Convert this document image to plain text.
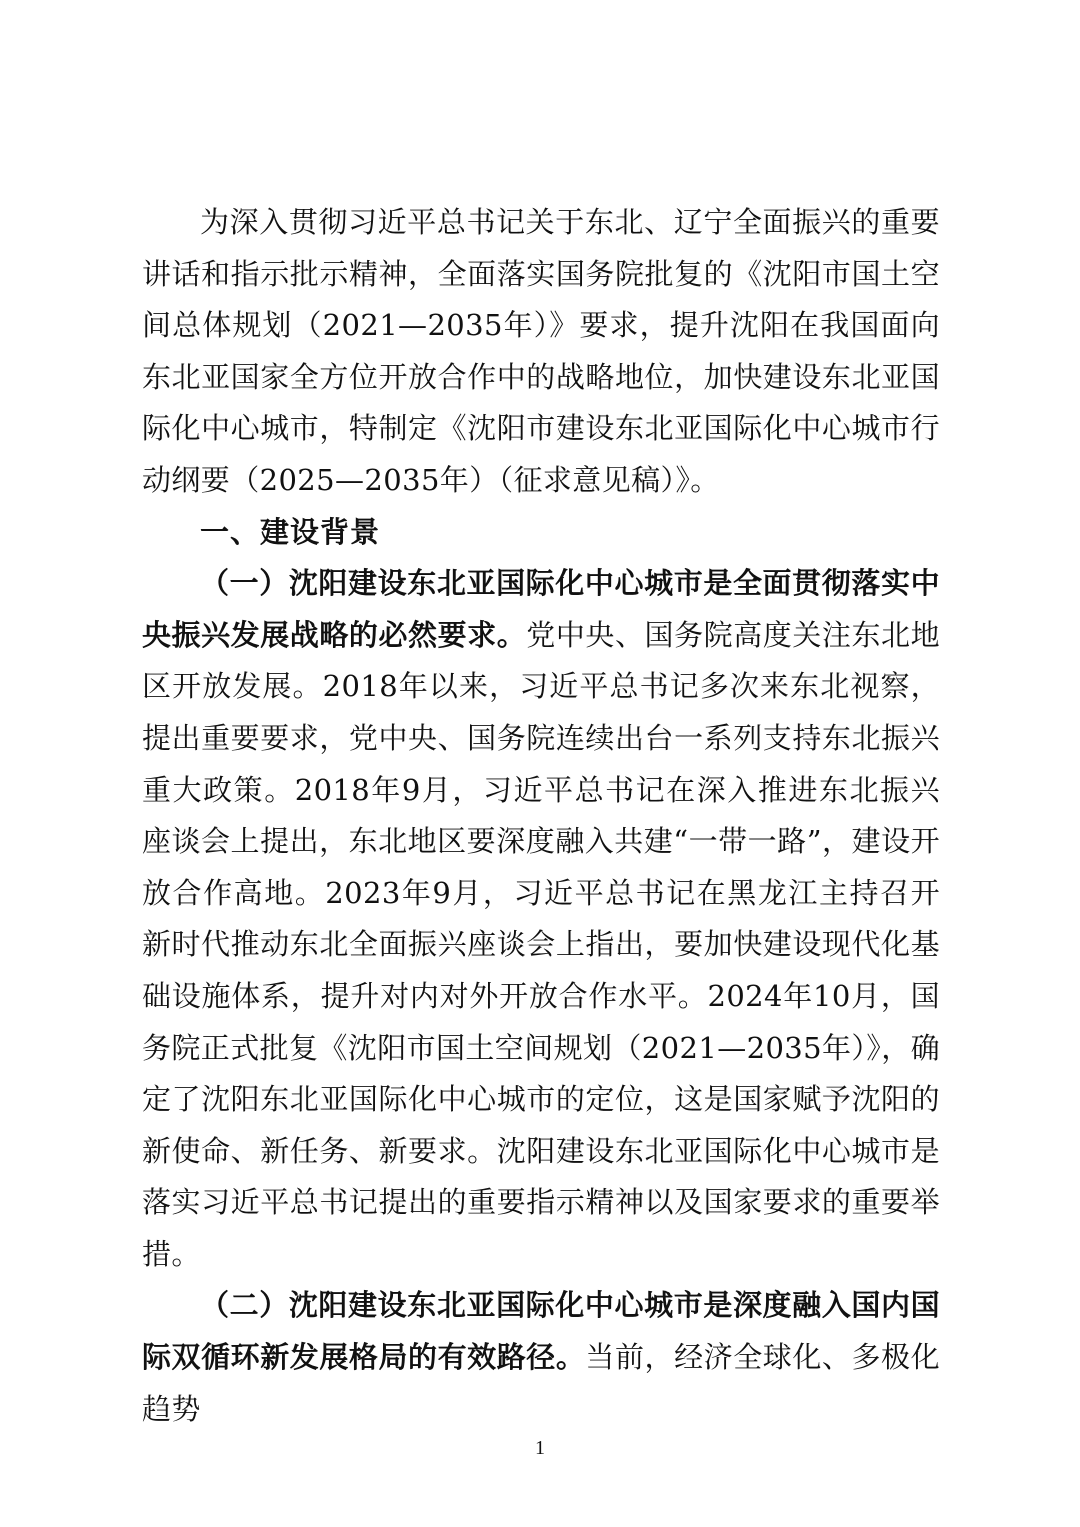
为深入贯彻习近平总书记关于东北、辽宁全面振兴的重要讲话和指示批示精神，全面落实国务院批复的《沈阳市国土空间总体规划（2021—2035年）》要求，提升沈阳在我国面向东北亚国家全方位开放合作中的战略地位，加快建设东北亚国际化中心城市，特制定《沈阳市建设东北亚国际化中心城市行动纲要（2025—2035年）（征求意见稿）》。

一、建设背景

（一）沈阳建设东北亚国际化中心城市是全面贯彻落实中央振兴发展战略的必然要求。党中央、国务院高度关注东北地区开放发展。2018年以来，习近平总书记多次来东北视察，提出重要要求，党中央、国务院连续出台一系列支持东北振兴重大政策。2018年9月，习近平总书记在深入推进东北振兴座谈会上提出，东北地区要深度融入共建“一带一路”，建设开放合作高地。2023年9月，习近平总书记在黑龙江主持召开新时代推动东北全面振兴座谈会上指出，要加快建设现代化基础设施体系，提升对内对外开放合作水平。2024年10月，国务院正式批复《沈阳市国土空间规划（2021—2035年）》，确定了沈阳东北亚国际化中心城市的定位，这是国家赋予沈阳的新使命、新任务、新要求。沈阳建设东北亚国际化中心城市是落实习近平总书记提出的重要指示精神以及国家要求的重要举措。

（二）沈阳建设东北亚国际化中心城市是深度融入国内国际双循环新发展格局的有效路径。当前，经济全球化、多极化趋势

1
